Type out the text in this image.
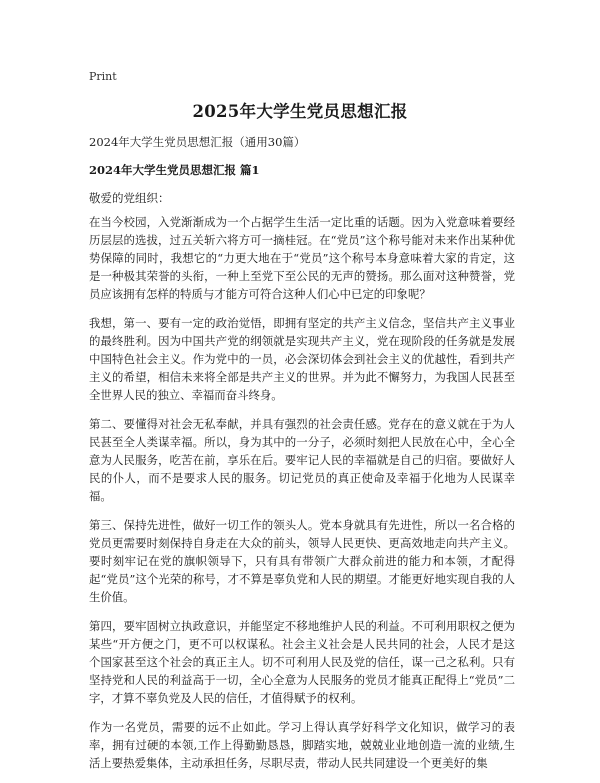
Print
2025年大学生党员思想汇报
2024年大学生党员思想汇报（通用30篇）
2024年大学生党员思想汇报 篇1
敬爱的党组织：

在当今校园，入党渐渐成为一个占据学生生活一定比重的话题。因为入党意味着要经历层层的选拔，过五关斩六将方可一摘桂冠。在“党员”这个称号能对未来作出某种优势保障的同时，我想它的“力更大地在于“党员”这个称号本身意味着大家的肯定，这是一种极其荣誉的头衔，一种上至党下至公民的无声的赞扬。那么面对这种赞誉，党员应该拥有怎样的特质与才能方可符合这种人们心中已定的印象呢？

我想，第一、要有一定的政治觉悟，即拥有坚定的共产主义信念，坚信共产主义事业的最终胜利。因为中国共产党的纲领就是实现共产主义，党在现阶段的任务就是发展中国特色社会主义。作为党中的一员，必会深切体会到社会主义的优越性，看到共产主义的希望，相信未来将全部是共产主义的世界。并为此不懈努力，为我国人民甚至全世界人民的独立、幸福而奋斗终身。

第二、要懂得对社会无私奉献，并具有强烈的社会责任感。党存在的意义就在于为人民甚至全人类谋幸福。所以，身为其中的一分子，必须时刻把人民放在心中，全心全意为人民服务，吃苦在前，享乐在后。要牢记人民的幸福就是自己的归宿。要做好人民的仆人，而不是要求人民的服务。切记党员的真正使命及幸福于化地为人民谋幸福。

第三、保持先进性，做好一切工作的领头人。党本身就具有先进性，所以一名合格的党员更需要时刻保持自身走在大众的前头，领导人民更快、更高效地走向共产主义。要时刻牢记在党的旗帜领导下，只有具有带领广大群众前进的能力和本领，才配得起“党员”这个光荣的称号，才不算是辜负党和人民的期望。才能更好地实现自我的人生价值。

第四，要牢固树立执政意识，并能坚定不移地维护人民的利益。不可利用职权之便为某些“开方便之门，更不可以权谋私。社会主义社会是人民共同的社会，人民才是这个国家甚至这个社会的真正主人。切不可利用人民及党的信任，谋一己之私利。只有坚持党和人民的利益高于一切，全心全意为人民服务的党员才能真正配得上“党员”二字，才算不辜负党及人民的信任，才值得赋予的权利。

作为一名党员，需要的远不止如此。学习上得认真学好科学文化知识，做学习的表率，拥有过硬的本领,工作上得勤勤恳恳，脚踏实地，兢兢业业地创造一流的业绩,生活上要热爱集体，主动承担任务，尽职尽责，带动人民共同建设一个更美好的集
